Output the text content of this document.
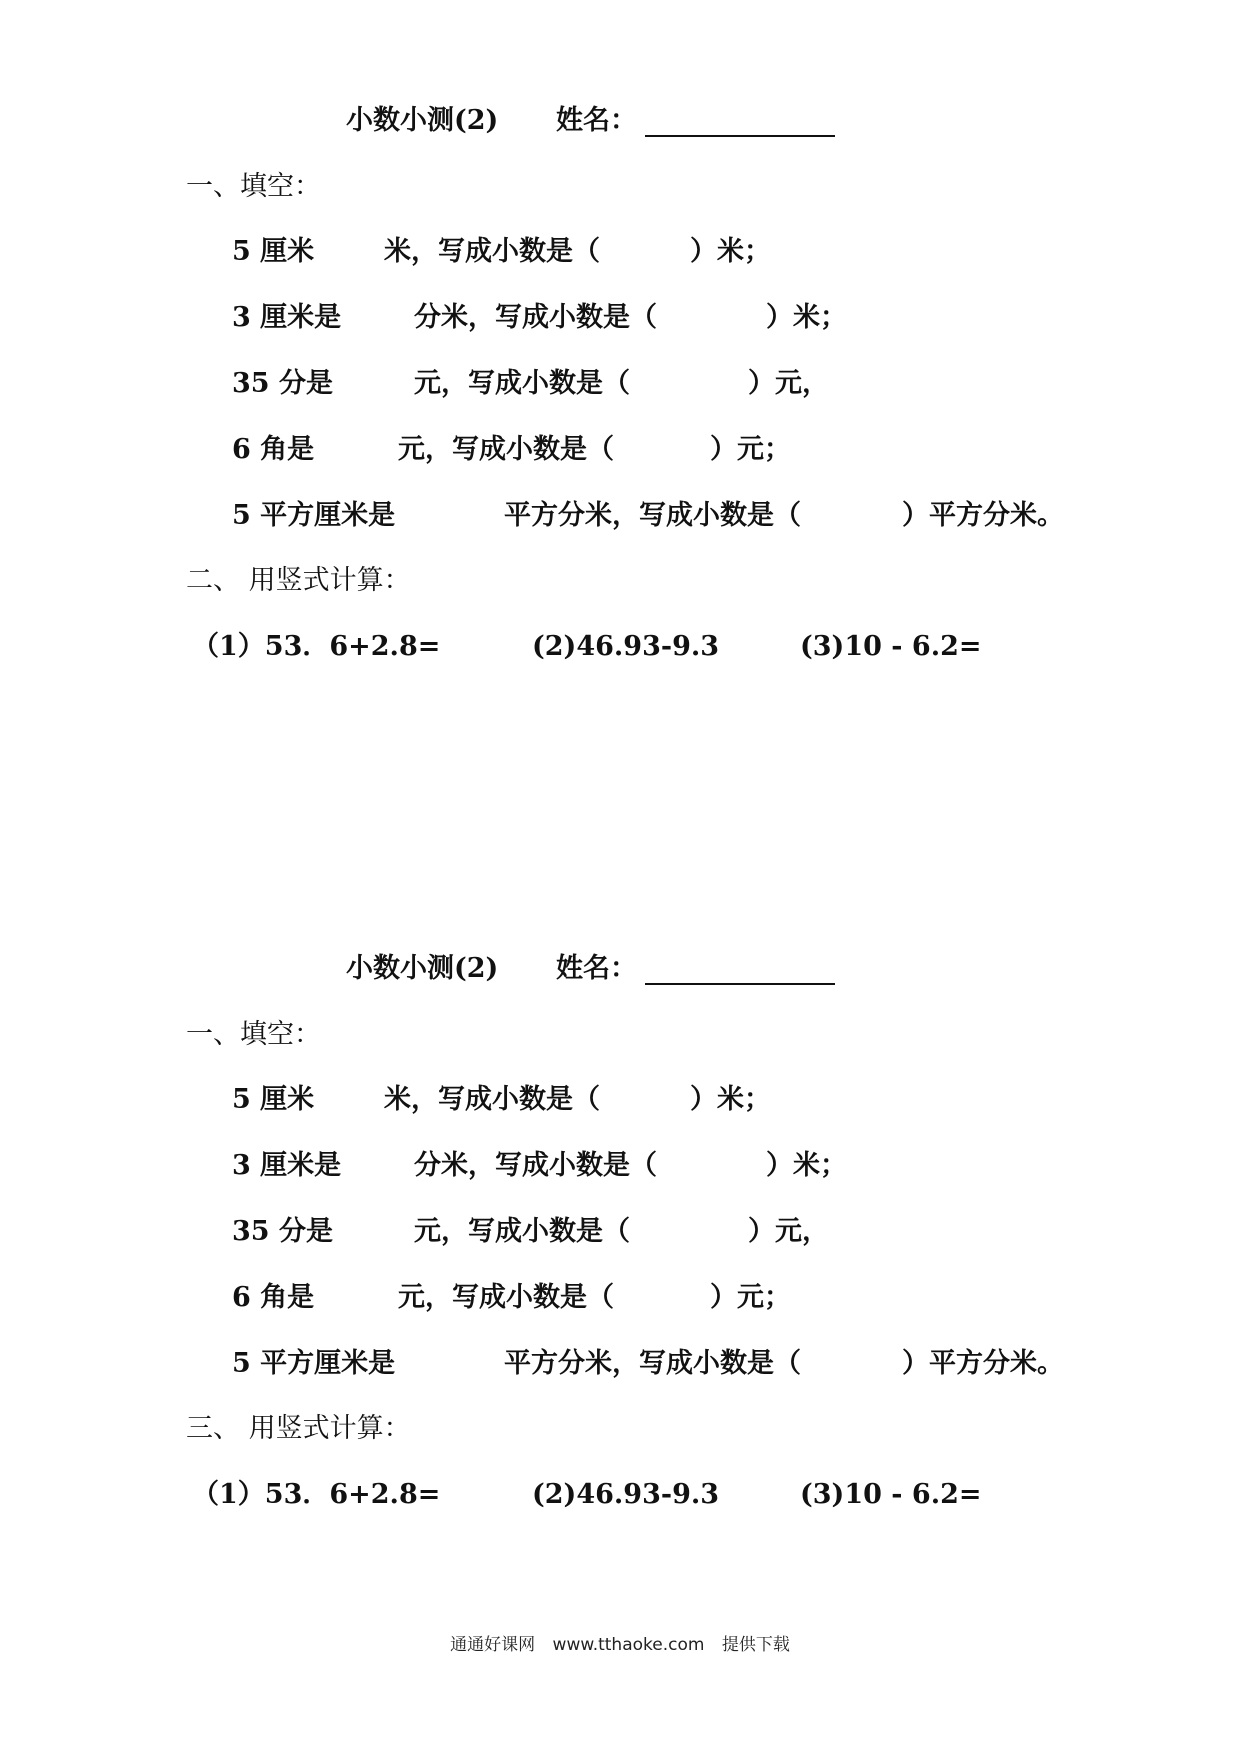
小数小测(2) 姓名：
一、填空：
5 厘米	米，写成小数是（	）米；
3 厘米是	分米，写成小数是（	）米；
35 分是	元，写成小数是（	）元，
6 角是	元，写成小数是（	）元；
5 平方厘米是	平方分米，写成小数是（	）平方分米。
二、 用竖式计算：
（1）53．6+2.8=	(2)46.93-9.3	(3)10 - 6.2=
小数小测(2) 姓名：
一、填空：
5 厘米	米，写成小数是（	）米；
3 厘米是	分米，写成小数是（	）米；
35 分是	元，写成小数是（	）元，
6 角是	元，写成小数是（	）元；
5 平方厘米是	平方分米，写成小数是（	）平方分米。
三、 用竖式计算：
（1）53．6+2.8=	(2)46.93-9.3	(3)10 - 6.2=
通通好课网 www.tthaoke.com 提供下载
